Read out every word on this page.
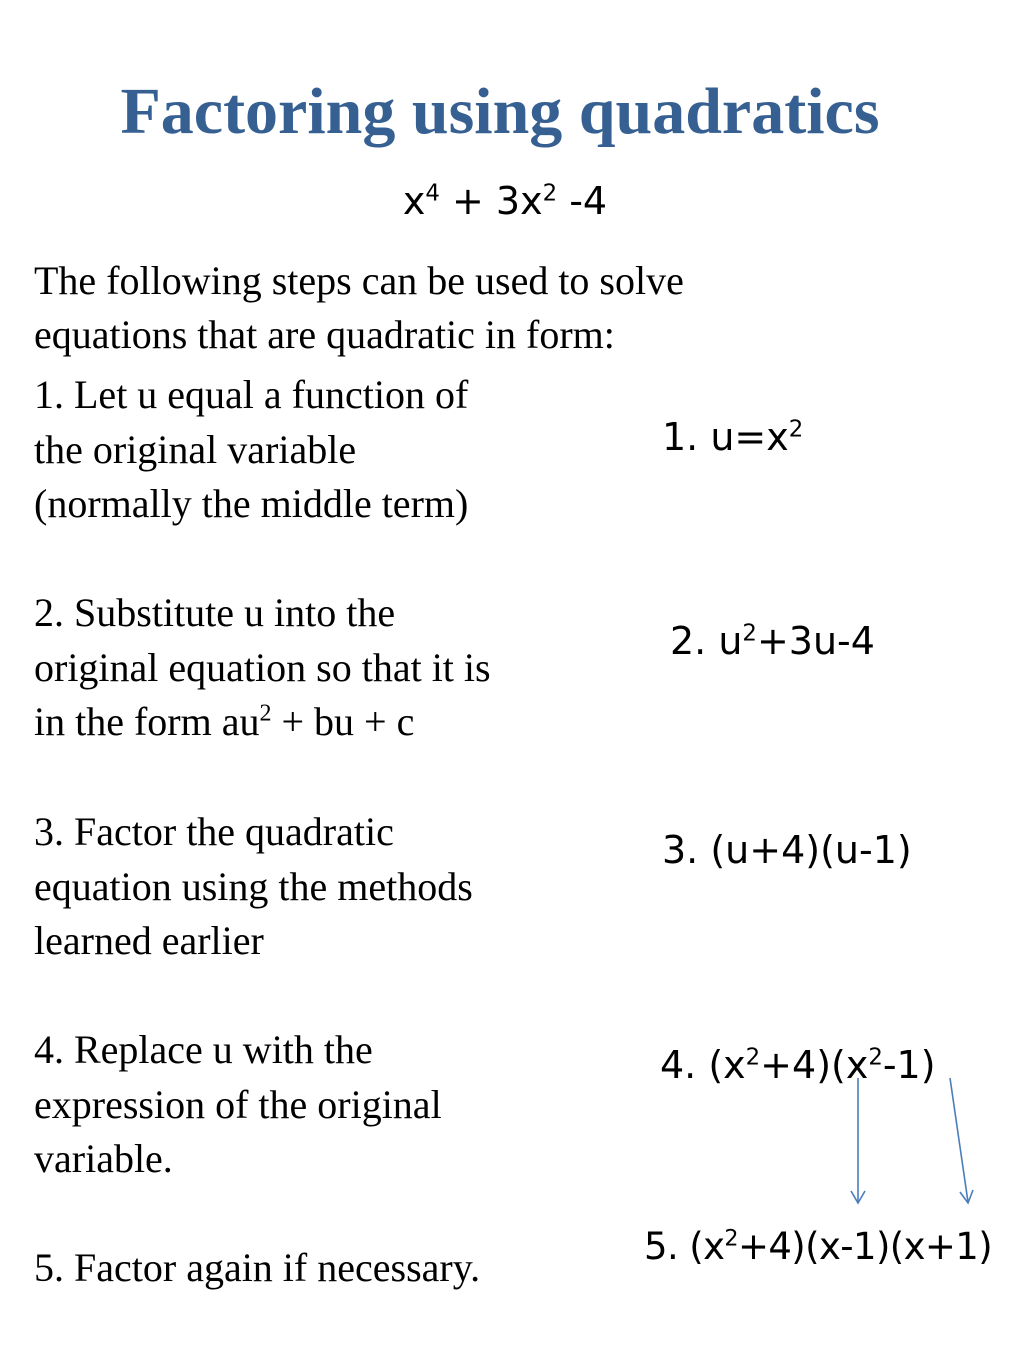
Factoring using quadratics
$x^4 + 3x^2$ -4
The following steps can be used to solve equations that are quadratic in form:
1. Let u equal a function of
the original variable
(normally the middle term)
2. Substitute u into the
original equation so that it is
in the form $au^2$ + bu + c
3. Factor the quadratic
equation using the methods
learned earlier
4. Replace u with the
expression of the original
variable.
5. Factor again if necessary.
1. $u=x^2$
2. $u^2+3u-4$
3. (u+4)(u-1)
4. $(x^2+4)(x^2-1)$
5. $(x^2+4)(x-1)(x+1)$
